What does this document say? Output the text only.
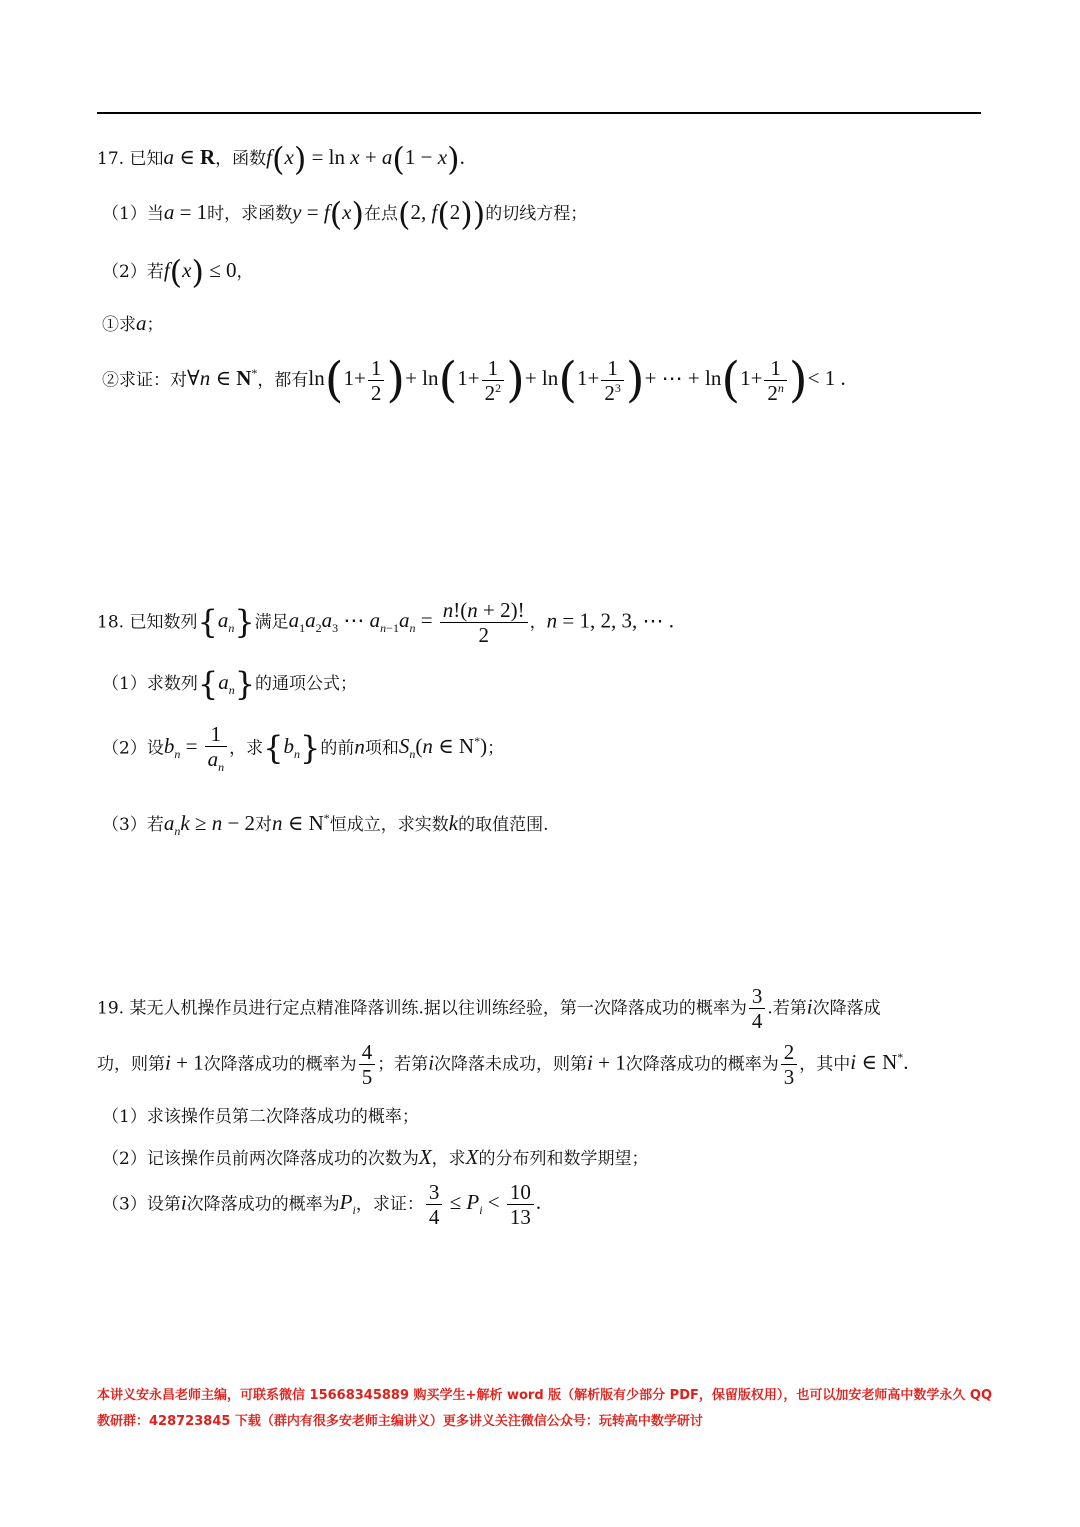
17. 已知a ∈ R，函数f(x) = ln x + a(1 − x).
（1）当a = 1时，求函数y = f(x)在点(2, f(2))的切线方程；
（2）若f(x) ≤ 0，
①求a；
②求证：对∀n ∈ N*，都有$\ln(1+ \frac{1}{2}$ )+ $\ln(1+ \frac{1}{2^2}$ )+ $\ln(1+ \frac{1}{2^3}$ )+ ⋯ + $\ln(1+ \frac{1}{2^n}$ )< 1 .
18. 已知数列$\{a_n\}$满足$a_1a_2a_3$ ⋯ $a_{n-1}a_n = \frac{n!(n + 2)!}{2}$ ，n = 1, 2, 3, ⋯ .
（1）求数列$\{a_n\}$的通项公式；
（2）设$b_n = \frac{1}{a_n}$ ，求$\{b_n\}$的前n项和$S_n(n$ ∈ N*)；
（3）若$a_nk \ge n - 2$对n ∈ N*恒成立，求实数k的取值范围.
19. 某无人机操作员进行定点精准降落训练.据以往训练经验，第一次降落成功的概率为 $\frac{3}{4}$ .若第i次降落成
功，则第i + 1次降落成功的概率为 $\frac{4}{5}$ ；若第i次降落未成功，则第i + 1次降落成功的概率为 $\frac{2}{3}$ ，其中i ∈ N*.
（1）求该操作员第二次降落成功的概率；
（2）记该操作员前两次降落成功的次数为X，求X的分布列和数学期望；
（3）设第i次降落成功的概率为$P_i$，求证： $\frac{3}{4} \le P_i < \frac{10}{13}$ .
本讲义安永昌老师主编，可联系微信 15668345889 购买学生+解析 word 版（解析版有少部分 PDF，保留版权用），也可以加安老师高中数学永久 QQ
教研群：428723845 下载（群内有很多安老师主编讲义）更多讲义关注微信公众号：玩转高中数学研讨
